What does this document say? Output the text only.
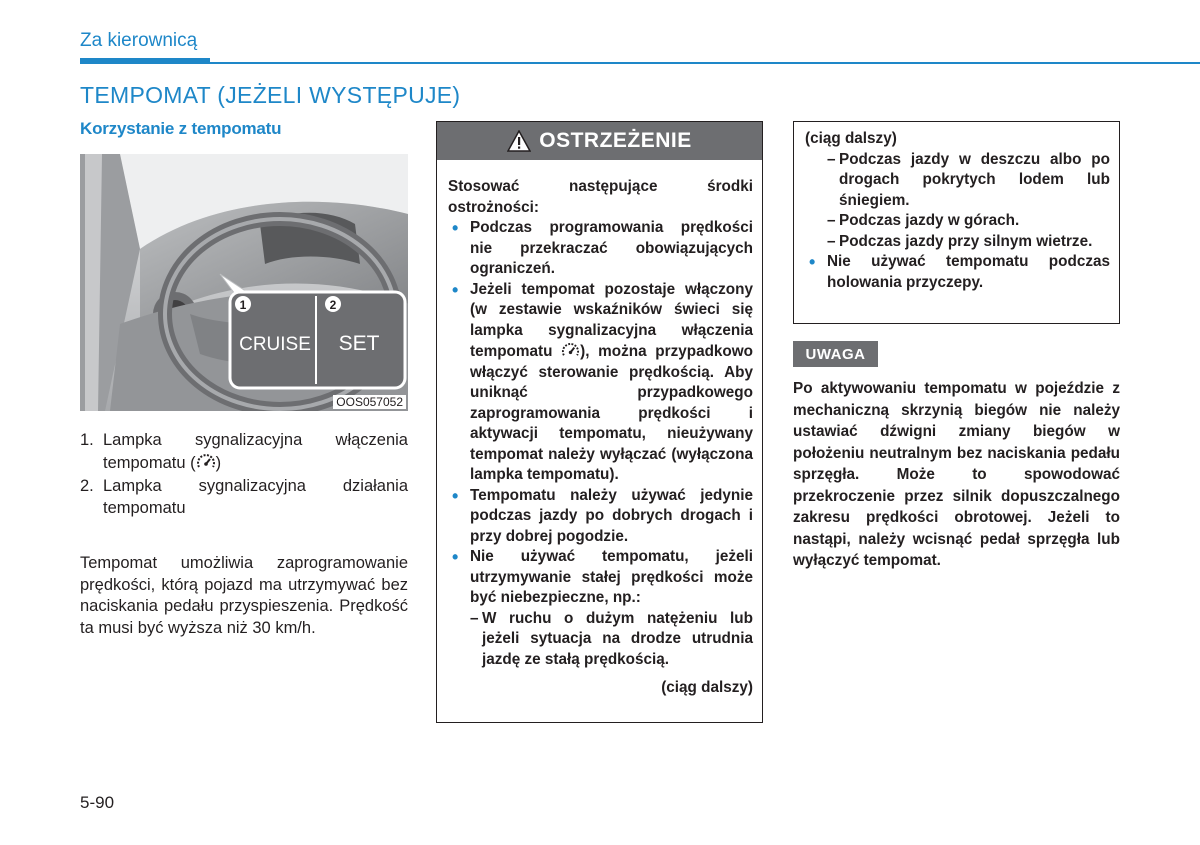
Za kierownicą
TEMPOMAT (JEŻELI WYSTĘPUJE)
Korzystanie z tempomatu
1	2
CRUISE SET
OOS057052
1. Lampka sygnalizacyjna włączenia tempomatu ( )
2. Lampka sygnalizacyjna działania tempomatu

Tempomat umożliwia zaprogramowanie prędkości, którą pojazd ma utrzymywać bez naciskania pedału przyspieszenia. Prędkość ta musi być wyższa niż 30 km/h.

OSTRZEŻENIE

Stosować następujące środki ostrożności:

• Podczas programowania prędkości nie przekraczać obowiązujących ograniczeń.

• Jeżeli tempomat pozostaje włączony (w zestawie wskaźników świeci się lampka sygnalizacyjna włączenia tempomatu ), można przypadkowo włączyć sterowanie prędkością. Aby uniknąć przypadkowego zaprogramowania prędkości i aktywacji tempomatu, nieużywany tempomat należy wyłączać (wyłączona lampka tempomatu).

• Tempomatu należy używać jedynie podczas jazdy po dobrych drogach i przy dobrej pogodzie.

• Nie używać tempomatu, jeżeli utrzymywanie stałej prędkości może być niebezpieczne, np.:

– W ruchu o dużym natężeniu lub jeżeli sytuacja na drodze utrudnia jazdę ze stałą prędkością.

(ciąg dalszy)

(ciąg dalszy)

– Podczas jazdy w deszczu albo po drogach pokrytych lodem lub śniegiem.

– Podczas jazdy w górach.

– Podczas jazdy przy silnym wietrze.

• Nie używać tempomatu podczas holowania przyczepy.

UWAGA

Po aktywowaniu tempomatu w pojeździe z mechaniczną skrzynią biegów nie należy ustawiać dźwigni zmiany biegów w położeniu neutralnym bez naciskania pedału sprzęgła. Może to spowodować przekroczenie przez silnik dopuszczalnego zakresu prędkości obrotowej. Jeżeli to nastąpi, należy wcisnąć pedał sprzęgła lub wyłączyć tempomat.

5-90
